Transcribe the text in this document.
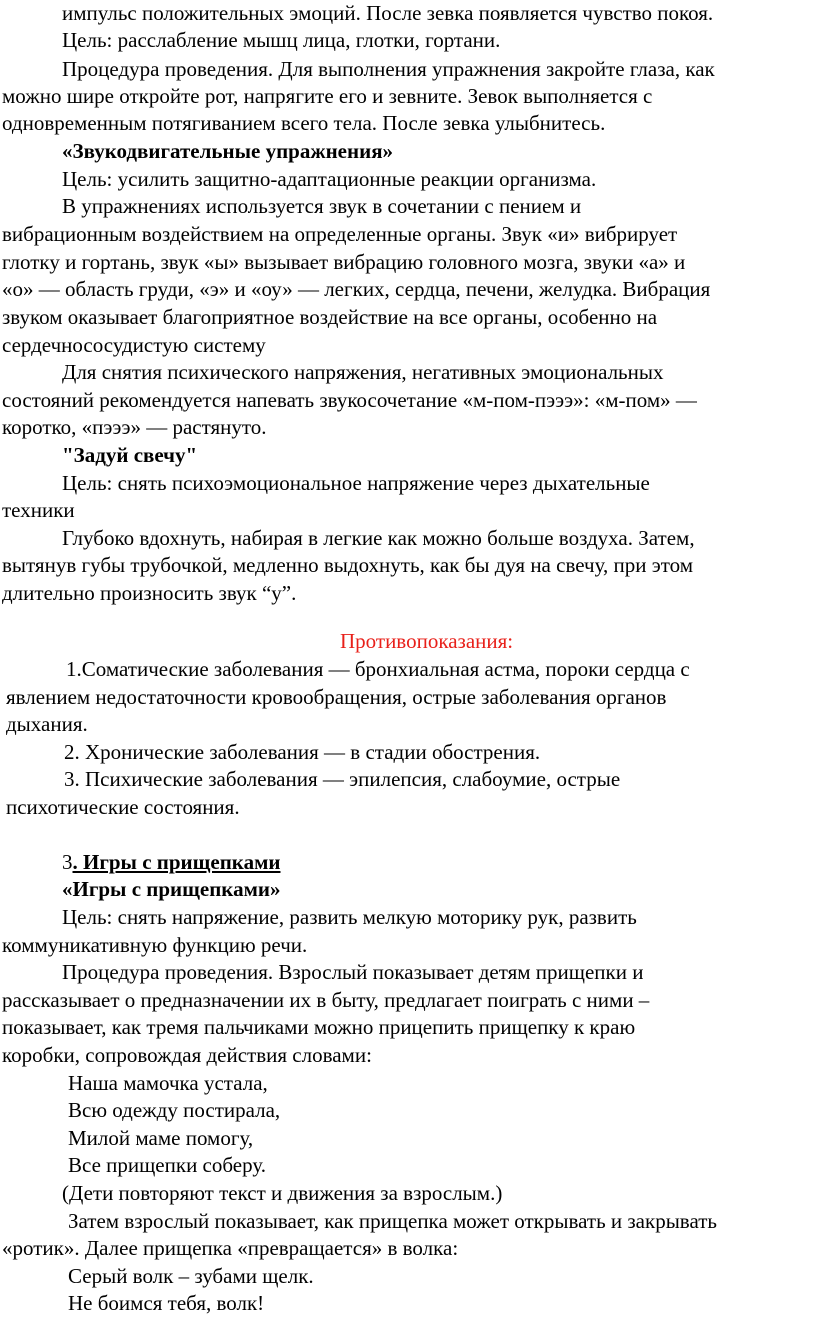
импульс положительных эмоций. После зевка появляется чувство покоя.
Цель: расслабление мышц лица, глотки, гортани.
Процедура проведения. Для выполнения упражнения закройте глаза, как
можно шире откройте рот, напрягите его и зевните. Зевок выполняется с
одновременным потягиванием всего тела. После зевка улыбнитесь.
«Звукодвигательные упражнения»
Цель: усилить защитно-адаптационные реакции организма.
В упражнениях используется звук в сочетании с пением и
вибрационным воздействием на определенные органы. Звук «и» вибрирует
глотку и гортань, звук «ы» вызывает вибрацию головного мозга, звуки «а» и
«о» — область груди, «э» и «оу» — легких, сердца, печени, желудка. Вибрация
звуком оказывает благоприятное воздействие на все органы, особенно на
сердечнососудистую систему
Для снятия психического напряжения, негативных эмоциональных
состояний рекомендуется напевать звукосочетание «м-пом-пэээ»: «м-пом» —
коротко, «пэээ» — растянуто.
"Задуй свечу"
Цель: снять психоэмоциональное напряжение через дыхательные
техники
Глубоко вдохнуть, набирая в легкие как можно больше воздуха. Затем,
вытянув губы трубочкой, медленно выдохнуть, как бы дуя на свечу, при этом
длительно произносить звук “у”.
Противопоказания:
1.Соматические заболевания — бронхиальная астма, пороки сердца с
явлением недостаточности кровообращения, острые заболевания органов
дыхания.
2. Хронические заболевания — в стадии обострения.
3. Психические заболевания — эпилепсия, слабоумие, острые
психотические состояния.
3. Игры с прищепками
«Игры с прищепками»
Цель: снять напряжение, развить мелкую моторику рук, развить
коммуникативную функцию речи.
Процедура проведения. Взрослый показывает детям прищепки и
рассказывает о предназначении их в быту, предлагает поиграть с ними –
показывает, как тремя пальчиками можно прицепить прищепку к краю
коробки, сопровождая действия словами:
Наша мамочка устала,
Всю одежду постирала,
Милой маме помогу,
Все прищепки соберу.
(Дети повторяют текст и движения за взрослым.)
Затем взрослый показывает, как прищепка может открывать и закрывать
«ротик». Далее прищепка «превращается» в волка:
Серый волк – зубами щелк.
Не боимся тебя, волк!
